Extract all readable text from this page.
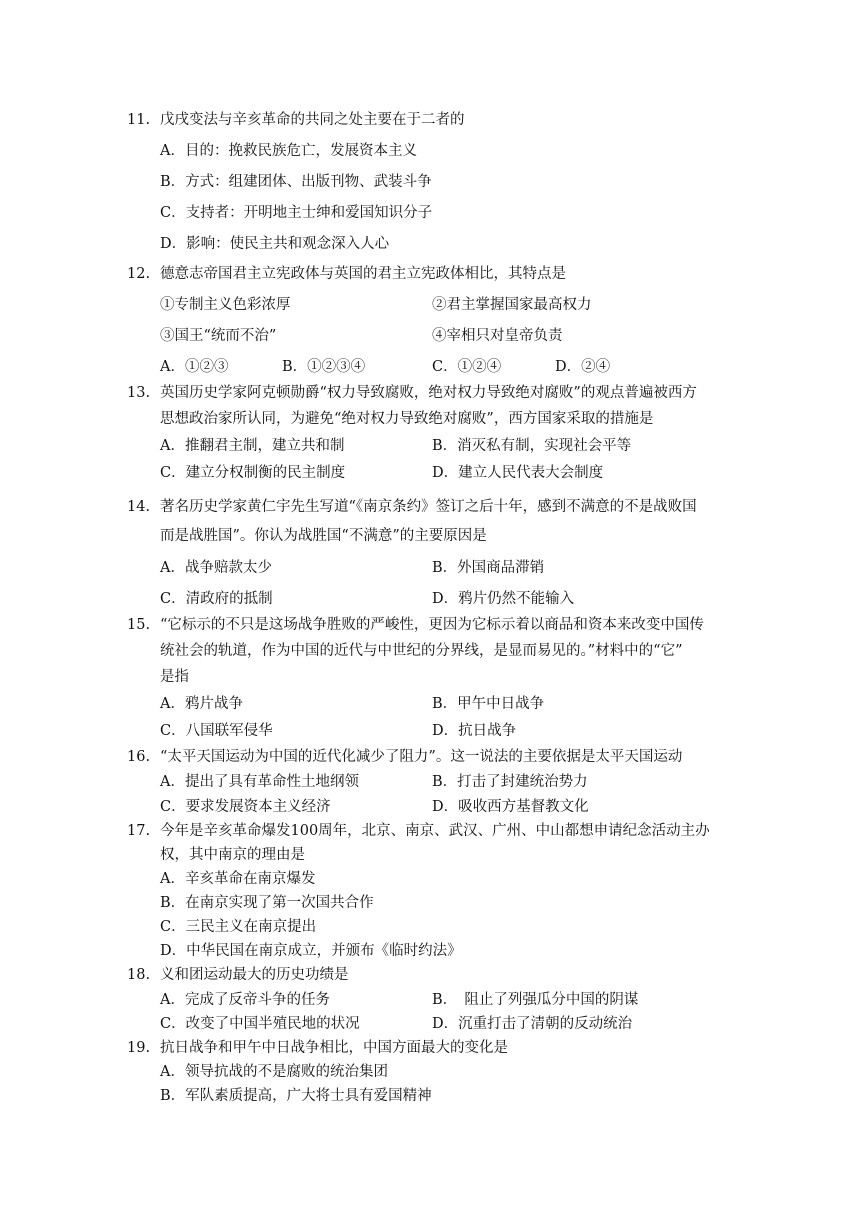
11. 戊戌变法与辛亥革命的共同之处主要在于二者的
A．目的：挽救民族危亡，发展资本主义
B．方式：组建团体、出版刊物、武装斗争
C．支持者：开明地主士绅和爱国知识分子
D．影响：使民主共和观念深入人心
12. 德意志帝国君主立宪政体与英国的君主立宪政体相比，其特点是
①专制主义色彩浓厚	②君主掌握国家最高权力
③国王“统而不治”	④宰相只对皇帝负责
A．①②③	B．①②③④	C．①②④	D．②④
13. 英国历史学家阿克顿勋爵“权力导致腐败，绝对权力导致绝对腐败”的观点普遍被西方
思想政治家所认同，为避免“绝对权力导致绝对腐败”，西方国家采取的措施是
A．推翻君主制，建立共和制	B．消灭私有制，实现社会平等
C．建立分权制衡的民主制度	D．建立人民代表大会制度
14. 著名历史学家黄仁宇先生写道“《南京条约》签订之后十年，感到不满意的不是战败国
而是战胜国”。你认为战胜国“不满意”的主要原因是
A．战争赔款太少	B．外国商品滞销
C．清政府的抵制	D．鸦片仍然不能输入
15. “它标示的不只是这场战争胜败的严峻性，更因为它标示着以商品和资本来改变中国传
统社会的轨道，作为中国的近代与中世纪的分界线，是显而易见的。”材料中的“它”
是指
A．鸦片战争	B．甲午中日战争
C．八国联军侵华	D．抗日战争
16. “太平天国运动为中国的近代化减少了阻力”。这一说法的主要依据是太平天国运动
A．提出了具有革命性土地纲领	B．打击了封建统治势力
C．要求发展资本主义经济	D．吸收西方基督教文化
17. 今年是辛亥革命爆发100周年，北京、南京、武汉、广州、中山都想申请纪念活动主办
权，其中南京的理由是
A．辛亥革命在南京爆发
B．在南京实现了第一次国共合作
C．三民主义在南京提出
D．中华民国在南京成立，并颁布《临时约法》
18. 义和团运动最大的历史功绩是
A．完成了反帝斗争的任务	B．　阻止了列强瓜分中国的阴谋
C．改变了中国半殖民地的状况	D．沉重打击了清朝的反动统治
19. 抗日战争和甲午中日战争相比，中国方面最大的变化是
A．领导抗战的不是腐败的统治集团
B．军队素质提高，广大将士具有爱国精神
